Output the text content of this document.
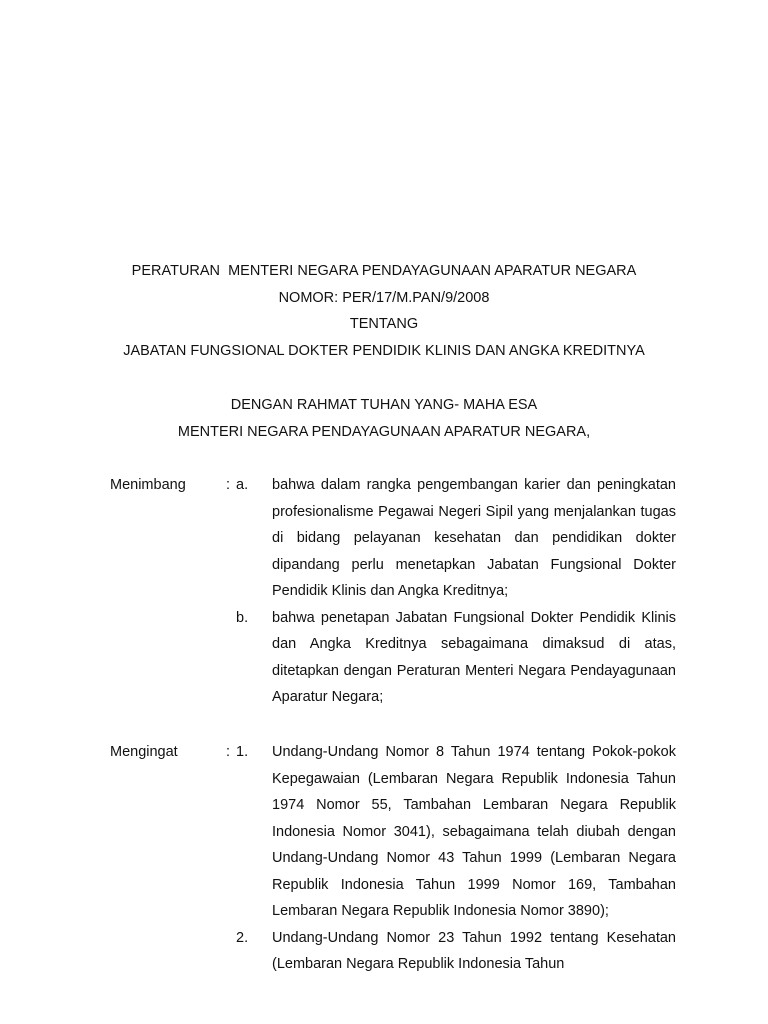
PERATURAN  MENTERI NEGARA PENDAYAGUNAAN APARATUR NEGARA
NOMOR: PER/17/M.PAN/9/2008
TENTANG
JABATAN FUNGSIONAL DOKTER PENDIDIK KLINIS DAN ANGKA KREDITNYA
DENGAN RAHMAT TUHAN YANG- MAHA ESA
MENTERI NEGARA PENDAYAGUNAAN APARATUR NEGARA,
Menimbang	: a. bahwa dalam rangka pengembangan karier dan peningkatan profesionalisme Pegawai Negeri Sipil yang menjalankan tugas di bidang pelayanan kesehatan dan pendidikan dokter dipandang perlu menetapkan Jabatan Fungsional Dokter Pendidik Klinis dan Angka Kreditnya;
b. bahwa penetapan Jabatan Fungsional Dokter Pendidik Klinis dan Angka Kreditnya sebagaimana dimaksud di atas, ditetapkan dengan Peraturan Menteri Negara Pendayagunaan Aparatur Negara;
Mengingat	: 1. Undang-Undang Nomor 8 Tahun 1974 tentang Pokok-pokok Kepegawaian (Lembaran Negara Republik Indonesia Tahun 1974 Nomor 55, Tambahan Lembaran Negara Republik Indonesia Nomor 3041), sebagaimana telah diubah dengan Undang-Undang Nomor 43 Tahun 1999 (Lembaran Negara Republik Indonesia Tahun 1999 Nomor 169, Tambahan Lembaran Negara Republik Indonesia Nomor 3890);
2. Undang-Undang Nomor 23 Tahun 1992 tentang Kesehatan (Lembaran Negara Republik Indonesia Tahun
